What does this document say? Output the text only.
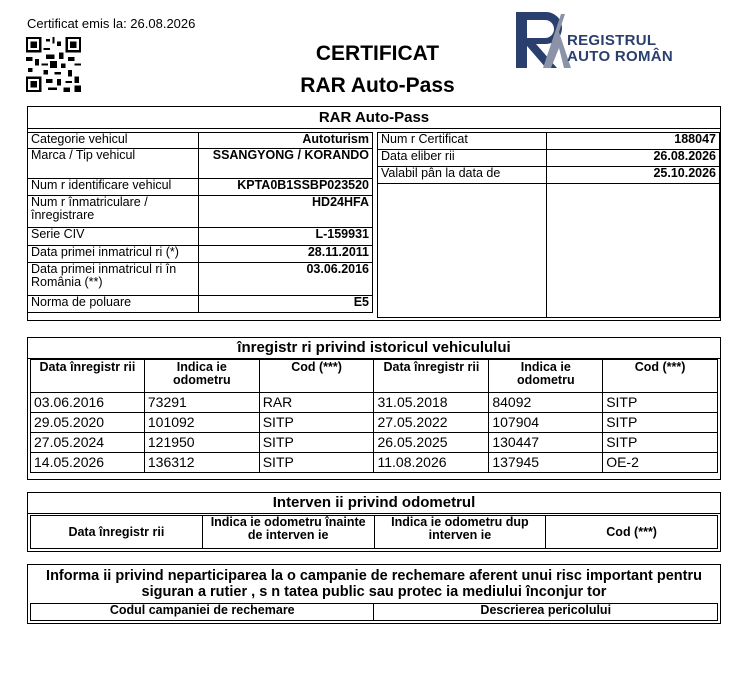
Certificat emis la: 26.08.2026
CERTIFICAT
RAR Auto-Pass
REGISTRUL
AUTO ROMÂN
RAR Auto-Pass
Categorie vehicul	Autoturism
Marca / Tip vehicul	SSANGYONG / KORANDO
Num r identificare vehicul	KPTA0B1SSBP023520
Num r înmatriculare / înregistrare	HD24HFA
Serie CIV	L-159931
Data primei inmatricul ri (*)	28.11.2011
Data primei inmatricul ri în România (**)	03.06.2016
Norma de poluare	E5
Num r Certificat	188047
Data eliber rii	26.08.2026
Valabil pân la data de	25.10.2026

înregistr ri privind istoricul vehiculului
Data înregistr rii	Indica ie odometru	Cod (***)	Data înregistr rii	Indica ie odometru	Cod (***)
03.06.2016	73291	RAR	31.05.2018	84092	SITP
29.05.2020	101092	SITP	27.05.2022	107904	SITP
27.05.2024	121950	SITP	26.05.2025	130447	SITP
14.05.2026	136312	SITP	11.08.2026	137945	OE-2
Interven ii privind odometrul
Data înregistr rii	Indica ie odometru înainte de interven ie	Indica ie odometru dup interven ie	Cod (***)
Informa ii privind neparticiparea la o campanie de rechemare aferent unui risc important pentru siguran a rutier , s n tatea public sau protec ia mediului înconjur tor
Codul campaniei de rechemare	Descrierea pericolului
